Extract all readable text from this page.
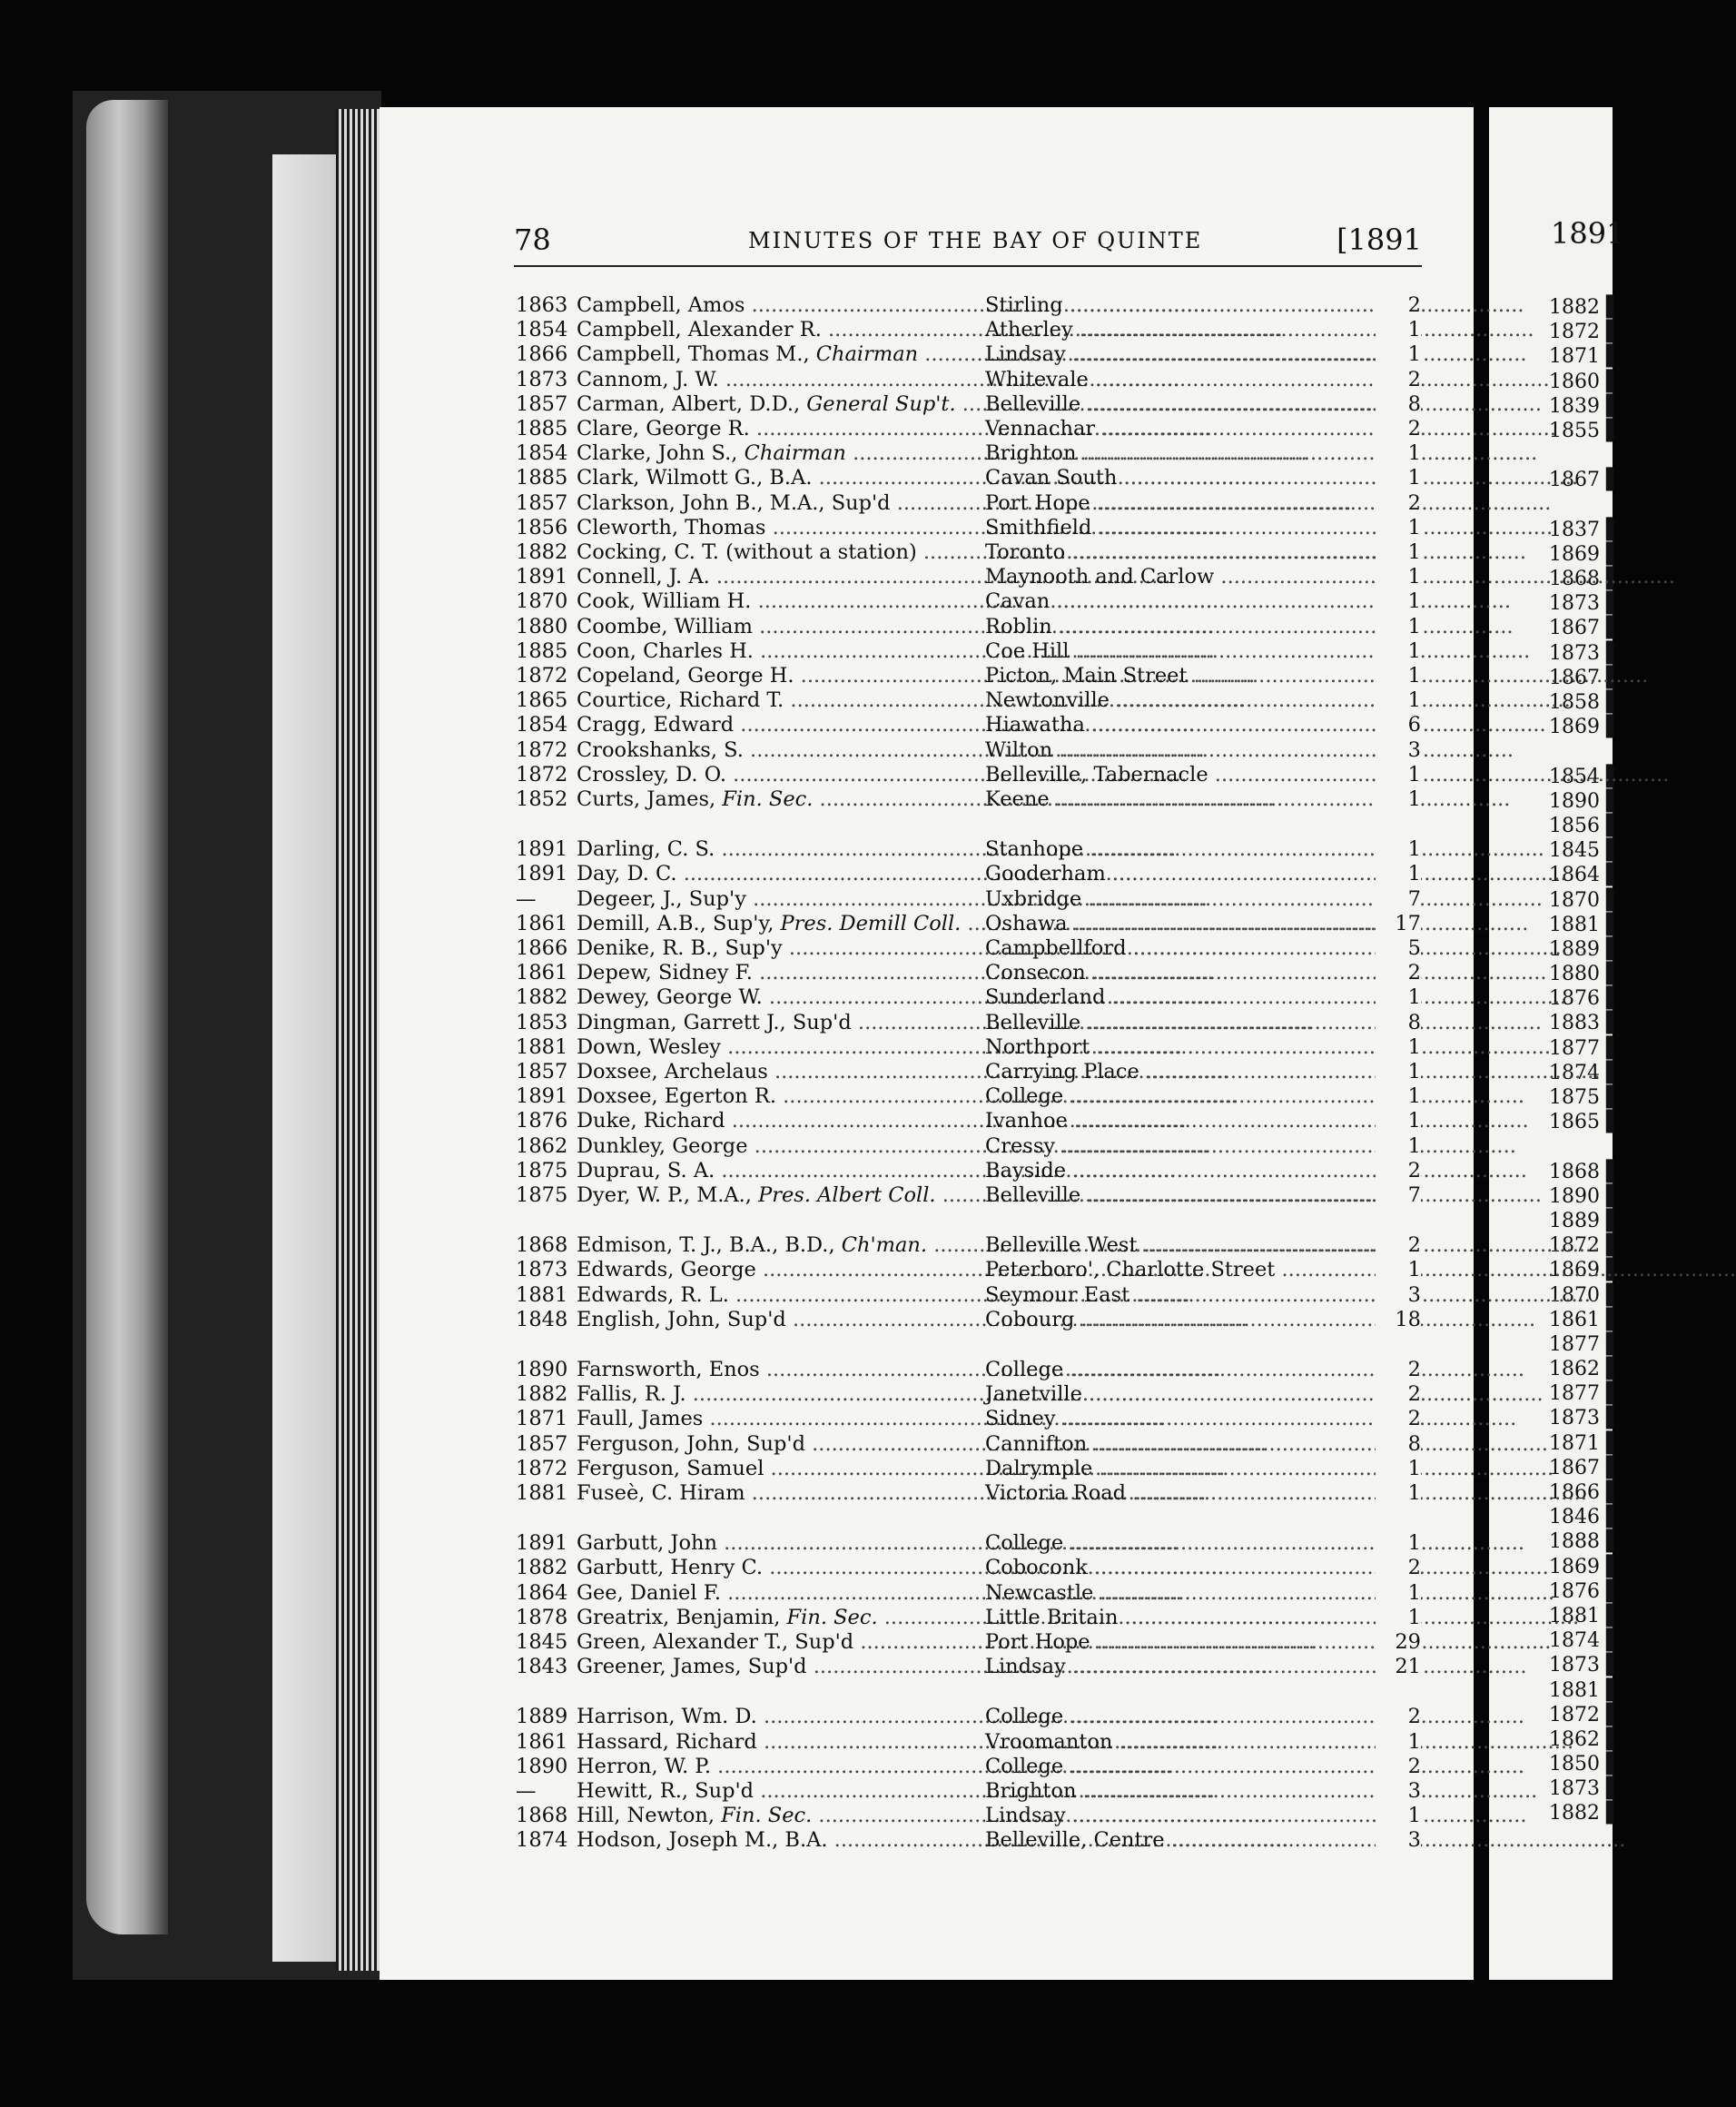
1891
1882 ▌
1872 ▌
1871 ▌
1860 ▌
1839 ▌
1855 ▌
1867 ▌
1837 ▌
1869 ▌
1868 ▌
1873 ▌
1867 ▌
1873 ▌
1867 ▌
1858 ▌
1869 ▌
1854 ▌
1890 ▌
1856 ▌
1845 ▌
1864 ▌
1870 ▌
1881 ▌
1889 ▌
1880 ▌
1876 ▌
1883 ▌
1877 ▌
1874 ▌
1875 ▌
1865 ▌
1868 ▌
1890 ▌
1889 ▌
1872 ▌
1869 ▌
1870 ▌
1861 ▌
1877 ▌
1862 ▌
1877 ▌
1873 ▌
1871 ▌
1867 ▌
1866 ▌
1846 ▌
1888 ▌
1869 ▌
1876 ▌
1881 ▌
1874 ▌
1873 ▌
1881 ▌
1872 ▌
1862 ▌
1850 ▌
1873 ▌
1882 ▌
78	MINUTES OF THE BAY OF QUINTE	[1891
1863 Campbell, Amos .....	Stirling .....	2
1854 Campbell, Alexander R. .....	Atherley .....	1
1866 Campbell, Thomas M., Chairman .....	Lindsay .....	1
1873 Cannom, J. W. .....	Whitevale .....	2
1857 Carman, Albert, D.D., General Sup't. .....	Belleville .....	8
1885 Clare, George R. .....	Vennachar .....	2
1854 Clarke, John S., Chairman .....	Brighton .....	1
1885 Clark, Wilmott G., B.A. .....	Cavan South .....	1
1857 Clarkson, John B., M.A., Sup'd .....	Port Hope .....	2
1856 Cleworth, Thomas .....	Smithfield .....	1
1882 Cocking, C. T. (without a station) .....	Toronto .....	1
1891 Connell, J. A. .....	Maynooth and Carlow .....	1
1870 Cook, William H. .....	Cavan .....	1
1880 Coombe, William .....	Roblin .....	1
1885 Coon, Charles H. .....	Coe Hill .....	1
1872 Copeland, George H. .....	Picton, Main Street .....	1
1865 Courtice, Richard T. .....	Newtonville .....	1
1854 Cragg, Edward .....	Hiawatha .....	6
1872 Crookshanks, S. .....	Wilton .....	3
1872 Crossley, D. O. .....	Belleville, Tabernacle .....	1
1852 Curts, James, Fin. Sec. .....	Keene .....	1
1891 Darling, C. S. .....	Stanhope .....	1
1891 Day, D. C. .....	Gooderham .....	1
—	Degeer, J., Sup'y .....	Uxbridge .....	7
1861 Demill, A.B., Sup'y, Pres. Demill Coll. .....	Oshawa .....	17
1866 Denike, R. B., Sup'y .....	Campbellford .....	5
1861 Depew, Sidney F. .....	Consecon .....	2
1882 Dewey, George W. .....	Sunderland .....	1
1853 Dingman, Garrett J., Sup'd .....	Belleville .....	8
1881 Down, Wesley .....	Northport .....	1
1857 Doxsee, Archelaus .....	Carrying Place .....	1
1891 Doxsee, Egerton R. .....	College .....	1
1876 Duke, Richard .....	Ivanhoe .....	1
1862 Dunkley, George .....	Cressy .....	1
1875 Duprau, S. A. .....	Bayside .....	2
1875 Dyer, W. P., M.A., Pres. Albert Coll. .....	Belleville .....	7
1868 Edmison, T. J., B.A., B.D., Ch'man. .....	Belleville West .....	2
1873 Edwards, George .....	Peterboro', Charlotte Street .....	1
1881 Edwards, R. L. .....	Seymour East .....	3
1848 English, John, Sup'd .....	Cobourg .....	18
1890 Farnsworth, Enos .....	College .....	2
1882 Fallis, R. J. .....	Janetville .....	2
1871 Faull, James .....	Sidney .....	2
1857 Ferguson, John, Sup'd .....	Cannifton .....	8
1872 Ferguson, Samuel .....	Dalrymple .....	1
1881 Fuseè, C. Hiram .....	Victoria Road .....	1
1891 Garbutt, John .....	College .....	1
1882 Garbutt, Henry C. .....	Coboconk .....	2
1864 Gee, Daniel F. .....	Newcastle .....	1
1878 Greatrix, Benjamin, Fin. Sec. .....	Little Britain .....	1
1845 Green, Alexander T., Sup'd .....	Port Hope .....	29
1843 Greener, James, Sup'd .....	Lindsay .....	21
1889 Harrison, Wm. D. .....	College .....	2
1861 Hassard, Richard .....	Vroomanton .....	1
1890 Herron, W. P. .....	College .....	2
—	Hewitt, R., Sup'd .....	Brighton .....	3
1868 Hill, Newton, Fin. Sec. .....	Lindsay .....	1
1874 Hodson, Joseph M., B.A. .....	Belleville, Centre .....	3
